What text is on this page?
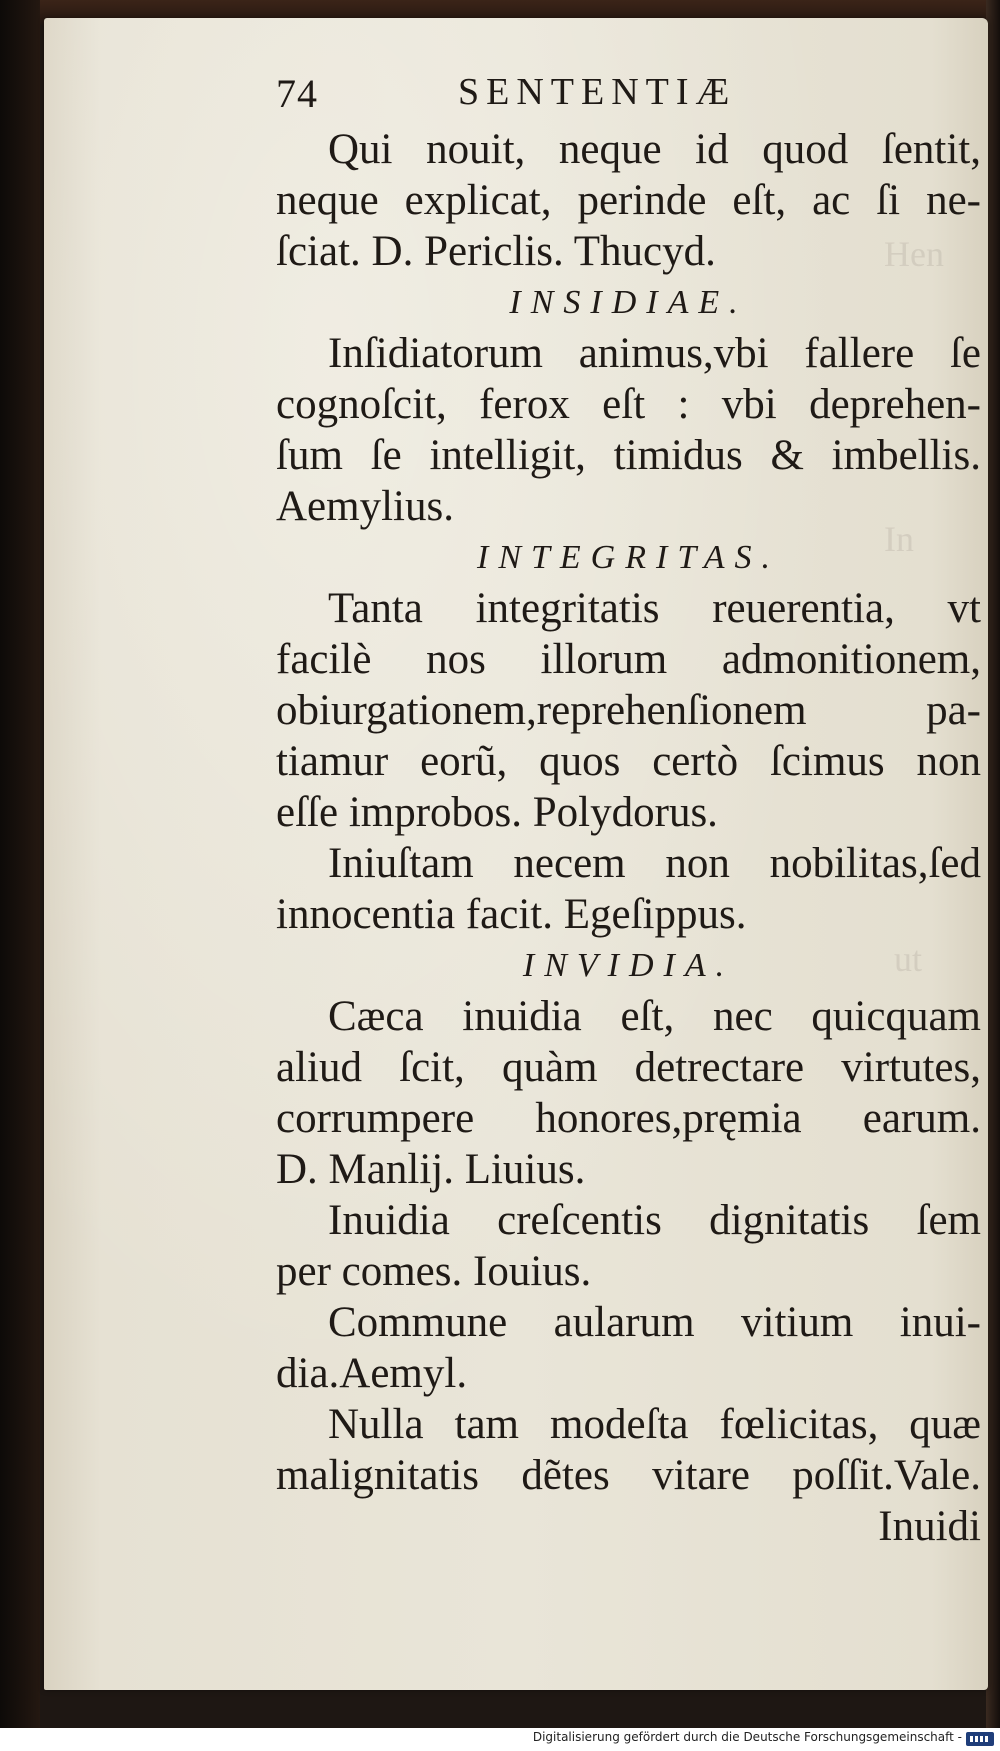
Hen
In
ut
74	SENTENTIÆ
Qui nouit, neque id quod ſentit,
neque explicat, perinde eſt, ac ſi ne-
ſciat. D. Periclis. Thucyd.
INSIDIAE.
Inſidiatorum animus,vbi fallere ſe
cognoſcit, ferox eſt : vbi deprehen-
ſum ſe intelligit, timidus & imbellis.
Aemylius.
INTEGRITAS.
Tanta integritatis reuerentia, vt
facilè nos illorum admonitionem,
obiurgationem,reprehenſionem pa-
tiamur eorũ, quos certò ſcimus non
eſſe improbos. Polydorus.
Iniuſtam necem non nobilitas,ſed
innocentia facit. Egeſippus.
INVIDIA.
Cæca inuidia eſt, nec quicquam
aliud ſcit, quàm detrectare virtutes,
corrumpere honores,pręmia earum.
D. Manlij. Liuius.
Inuidia creſcentis dignitatis ſem
per comes. Iouius.
Commune aularum vitium inui-
dia.Aemyl.
Nulla tam modeſta fœlicitas, quæ
malignitatis dẽtes vitare poſſit.Vale.
Inuidi
Digitalisierung gefördert durch die Deutsche Forschungsgemeinschaft -
